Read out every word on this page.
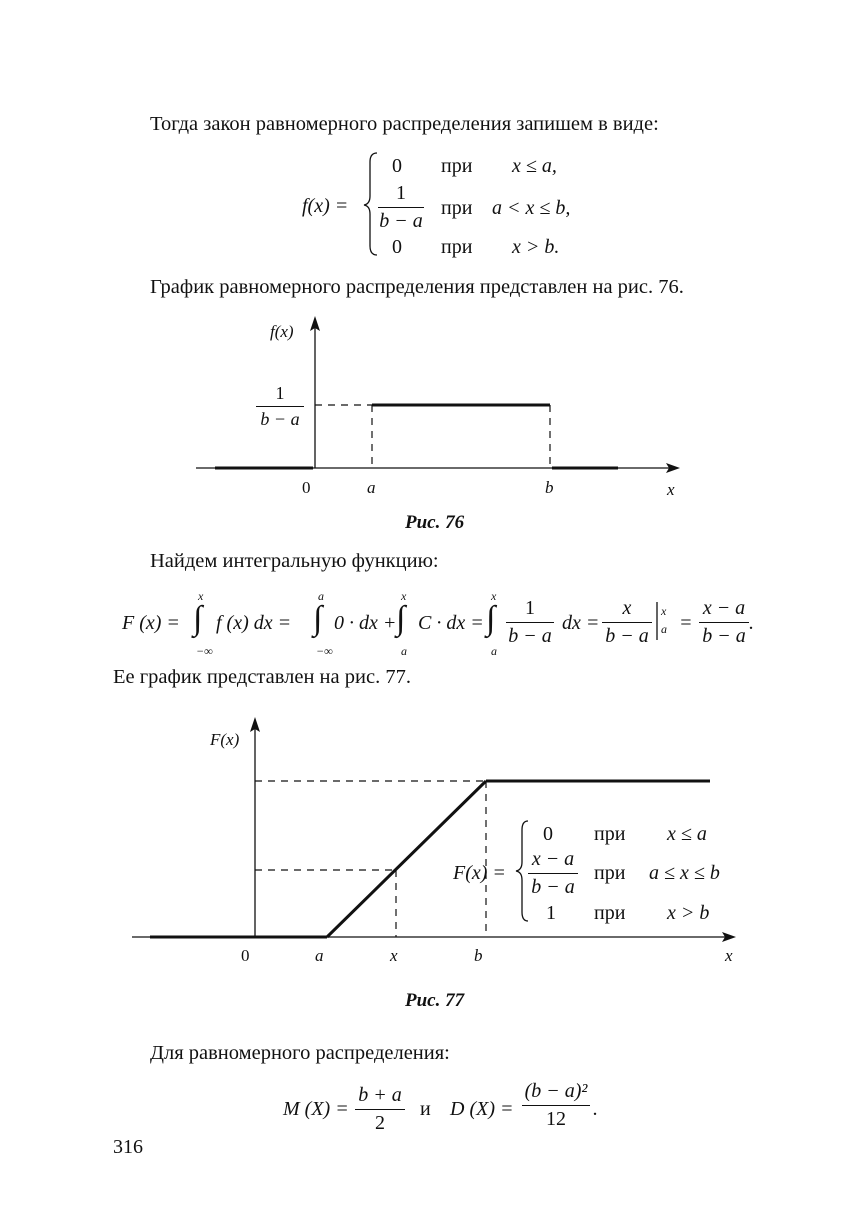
Тогда закон равномерного распределения запишем в виде:
f(x) =
0 при x ≤ a,
1
b − a
при a < x ≤ b,
0 при x > b.
График равномерного распределения представлен на рис. 76.
f(x)
1
b − a
0	a	b	x
Рис. 76
Найдем интегральную функцию:
F (x) =
x
∫
−∞
f (x) dx =
a
∫
−∞
0 · dx +
x
∫
a
C · dx =
x
∫
a
1
b − a
dx =
x
b − a
x
a =
x − a
b − a
.
Ее график представлен на рис. 77.
F(x)
0	a	x	b	x
F(x) =
0 при x ≤ a
x − a
b − a
при a ≤ x ≤ b
1 при x > b
Рис. 77
Для равномерного распределения:
M (X) =
b + a
2
и D (X) =
(b − a)²
12	.
316
